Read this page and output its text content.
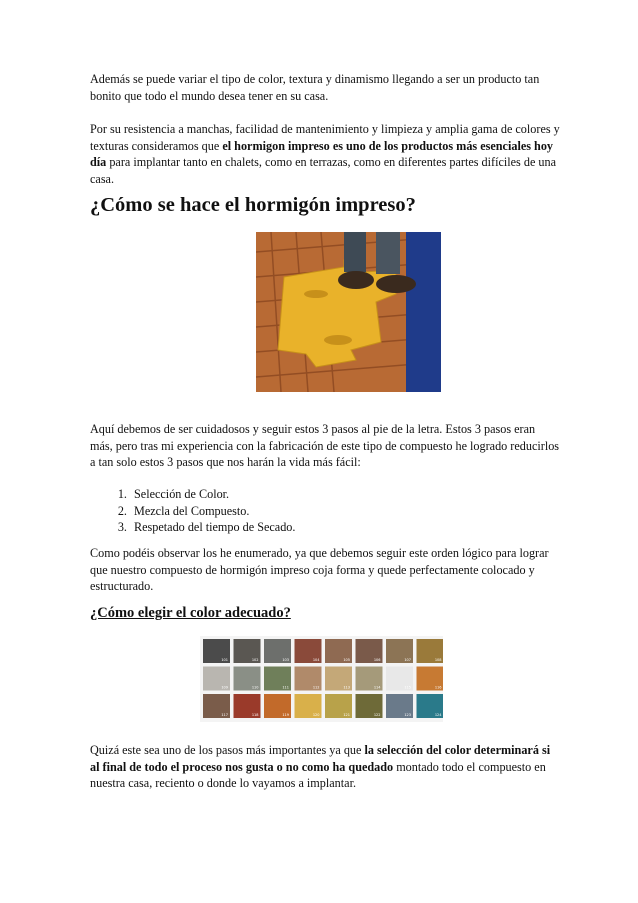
Además se puede variar el tipo de color, textura y dinamismo llegando a ser un producto tan bonito que todo el mundo desea tener en su casa.

Por su resistencia a manchas, facilidad de mantenimiento y limpieza y amplia gama de colores y texturas consideramos que el hormigon impreso es uno de los productos más esenciales hoy día para implantar tanto en chalets, como en terrazas, como en diferentes partes difíciles de una casa.

¿Cómo se hace el hormigón impreso?

Aquí debemos de ser cuidadosos y seguir estos 3 pasos al pie de la letra. Estos 3 pasos eran más, pero tras mi experiencia con la fabricación de este tipo de compuesto he logrado reducirlos a tan solo estos 3 pasos que nos harán la vida más fácil:

1. Selección de Color.
2. Mezcla del Compuesto.
3. Respetado del tiempo de Secado.

Como podéis observar los he enumerado, ya que debemos seguir este orden lógico para lograr que nuestro compuesto de hormigón impreso coja forma y quede perfectamente colocado y estructurado.

¿Cómo elegir el color adecuado?
101	102	103	104	105	106	107	108
109	110	111	112	113	114	115	116
117	118	119	120	121	122	123	124

Quizá este sea uno de los pasos más importantes ya que la selección del color determinará si al final de todo el proceso nos gusta o no como ha quedado montado todo el compuesto en nuestra casa, reciento o donde lo vayamos a implantar.
